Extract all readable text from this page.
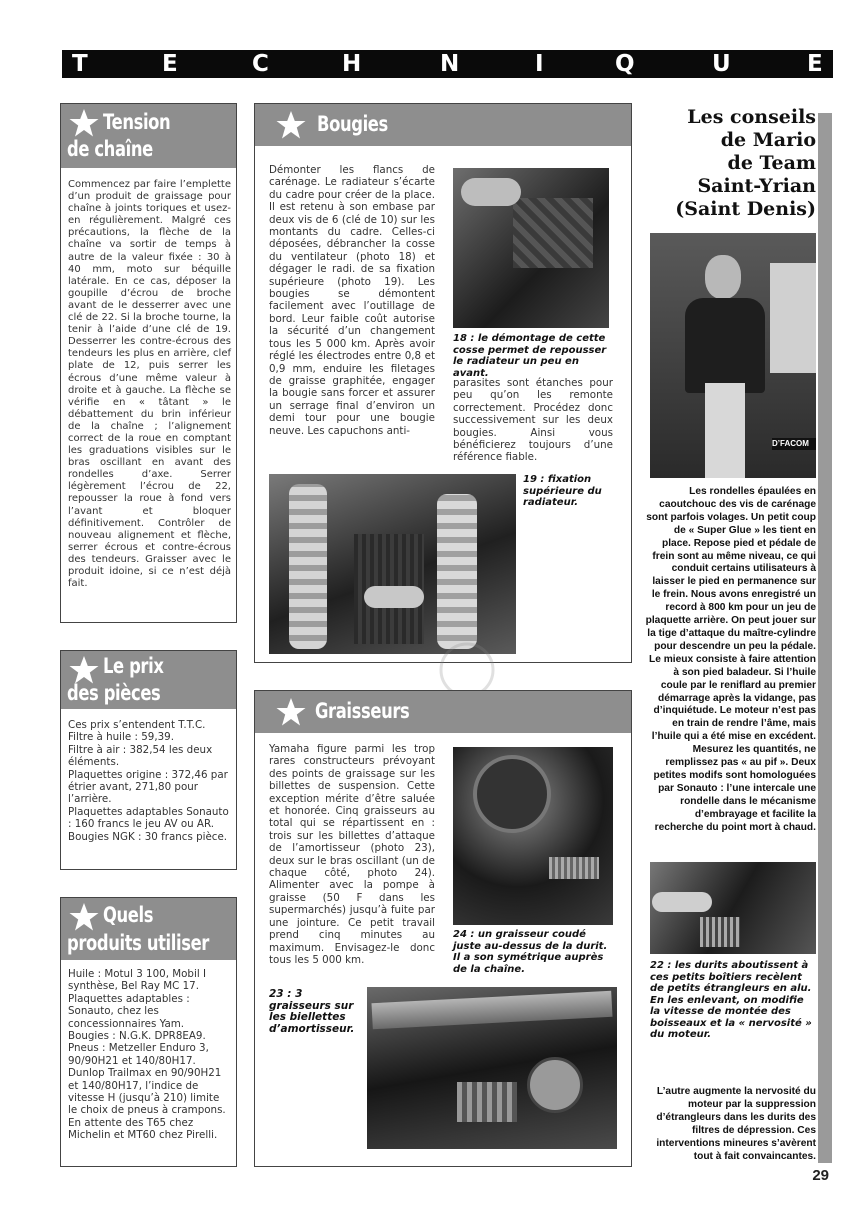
T	E	C	H	N	I	Q	U	E
Tension
de chaîne
Commencez par faire l’emplette d’un produit de graissage pour chaîne à joints toriques et usez-en régulièrement. Malgré ces précautions, la flèche de la chaîne va sortir de temps à autre de la valeur fixée : 30 à 40 mm, moto sur béquille latérale. En ce cas, déposer la goupille d’écrou de broche avant de le desserrer avec une clé de 22. Si la broche tourne, la tenir à l’aide d’une clé de 19. Desserrer les contre-écrous des tendeurs les plus en arrière, clef plate de 12, puis serrer les écrous d’une même valeur à droite et à gauche. La flèche se vérifie en « tâtant » le débattement du brin inférieur de la chaîne ; l’alignement correct de la roue en comptant les graduations visibles sur le bras oscillant en avant des rondelles d’axe. Serrer légèrement l’écrou de 22, repousser la roue à fond vers l’avant et bloquer définitivement. Contrôler de nouveau alignement et flèche, serrer écrous et contre-écrous des tendeurs. Graisser avec le produit idoine, si ce n’est déjà fait.
Le prix
des pièces

Ces prix s’entendent T.T.C.

Filtre à huile : 59,39.

Filtre à air : 382,54 les deux éléments.

Plaquettes origine : 372,46 par étrier avant, 271,80 pour l’arrière.

Plaquettes adaptables Sonauto : 160 francs le jeu AV ou AR.

Bougies NGK : 30 francs pièce.

Quels
produits utiliser

Huile : Motul 3 100, Mobil I synthèse, Bel Ray MC 17.

Plaquettes adaptables : Sonauto, chez les concessionnaires Yam.

Bougies : N.G.K. DPR8EA9.

Pneus : Metzeller Enduro 3, 90/90H21 et 140/80H17.

Dunlop Trailmax en 90/90H21 et 140/80H17, l’indice de vitesse H (jusqu’à 210) limite le choix de pneus à crampons. En attente des T65 chez Michelin et MT60 chez Pirelli.

Bougies
Démonter les flancs de carénage. Le radiateur s’écarte du cadre pour créer de la place. Il est retenu à son embase par deux vis de 6 (clé de 10) sur les montants du cadre. Celles-ci déposées, débrancher la cosse du ventilateur (photo 18) et dégager le radi. de sa fixation supérieure (photo 19). Les bougies se démontent facilement avec l’outillage de bord. Leur faible coût autorise la sécurité d’un changement tous les 5 000 km. Après avoir réglé les électrodes entre 0,8 et 0,9 mm, enduire les filetages de graisse graphitée, engager la bougie sans forcer et assurer un serrage final d’environ un demi tour pour une bougie neuve. Les capuchons anti-
18 : le démontage de cette cosse permet de repousser le radiateur un peu en avant.
parasites sont étanches pour peu qu’on les remonte correctement. Procédez donc successivement sur les deux bougies. Ainsi vous bénéficierez toujours d’une référence fiable.
19 : fixation supérieure du radiateur.
Graisseurs
Yamaha figure parmi les trop rares constructeurs prévoyant des points de graissage sur les billettes de suspension. Cette exception mérite d’être saluée et honorée. Cinq graisseurs au total qui se répartissent en : trois sur les billettes d’attaque de l’amortisseur (photo 23), deux sur le bras oscillant (un de chaque côté, photo 24). Alimenter avec la pompe à graisse (50 F dans les supermarchés) jusqu’à fuite par une jointure. Ce petit travail prend cinq minutes au maximum. Envisagez-le donc tous les 5 000 km.
24 : un graisseur coudé juste au-dessus de la durit. Il a son symétrique auprès de la chaîne.
23 : 3 graisseurs sur les biellettes d’amortisseur.
Les conseils
de Mario
de Team
Saint-Yrian
(Saint Denis)
D’FACOM
Les rondelles épaulées en caoutchouc des vis de carénage sont parfois volages. Un petit coup de « Super Glue » les tient en place. Repose pied et pédale de frein sont au même niveau, ce qui conduit certains utilisateurs à laisser le pied en permanence sur le frein. Nous avons enregistré un record à 800 km pour un jeu de plaquette arrière. On peut jouer sur la tige d’attaque du maître-cylindre pour descendre un peu la pédale. Le mieux consiste à faire attention à son pied baladeur. Si l’huile coule par le reniflard au premier démarrage après la vidange, pas d’inquiétude. Le moteur n’est pas en train de rendre l’âme, mais l’huile qui a été mise en excédent. Mesurez les quantités, ne remplissez pas « au pif ». Deux petites modifs sont homologuées par Sonauto : l’une intercale une rondelle dans le mécanisme d’embrayage et facilite la recherche du point mort à chaud.
22 : les durits aboutissent à ces petits boîtiers recèlent de petits étrangleurs en alu. En les enlevant, on modifie la vitesse de montée des boisseaux et la « nervosité » du moteur.
L’autre augmente la nervosité du moteur par la suppression d’étrangleurs dans les durits des filtres de dépression. Ces interventions mineures s’avèrent tout à fait convaincantes.
29
